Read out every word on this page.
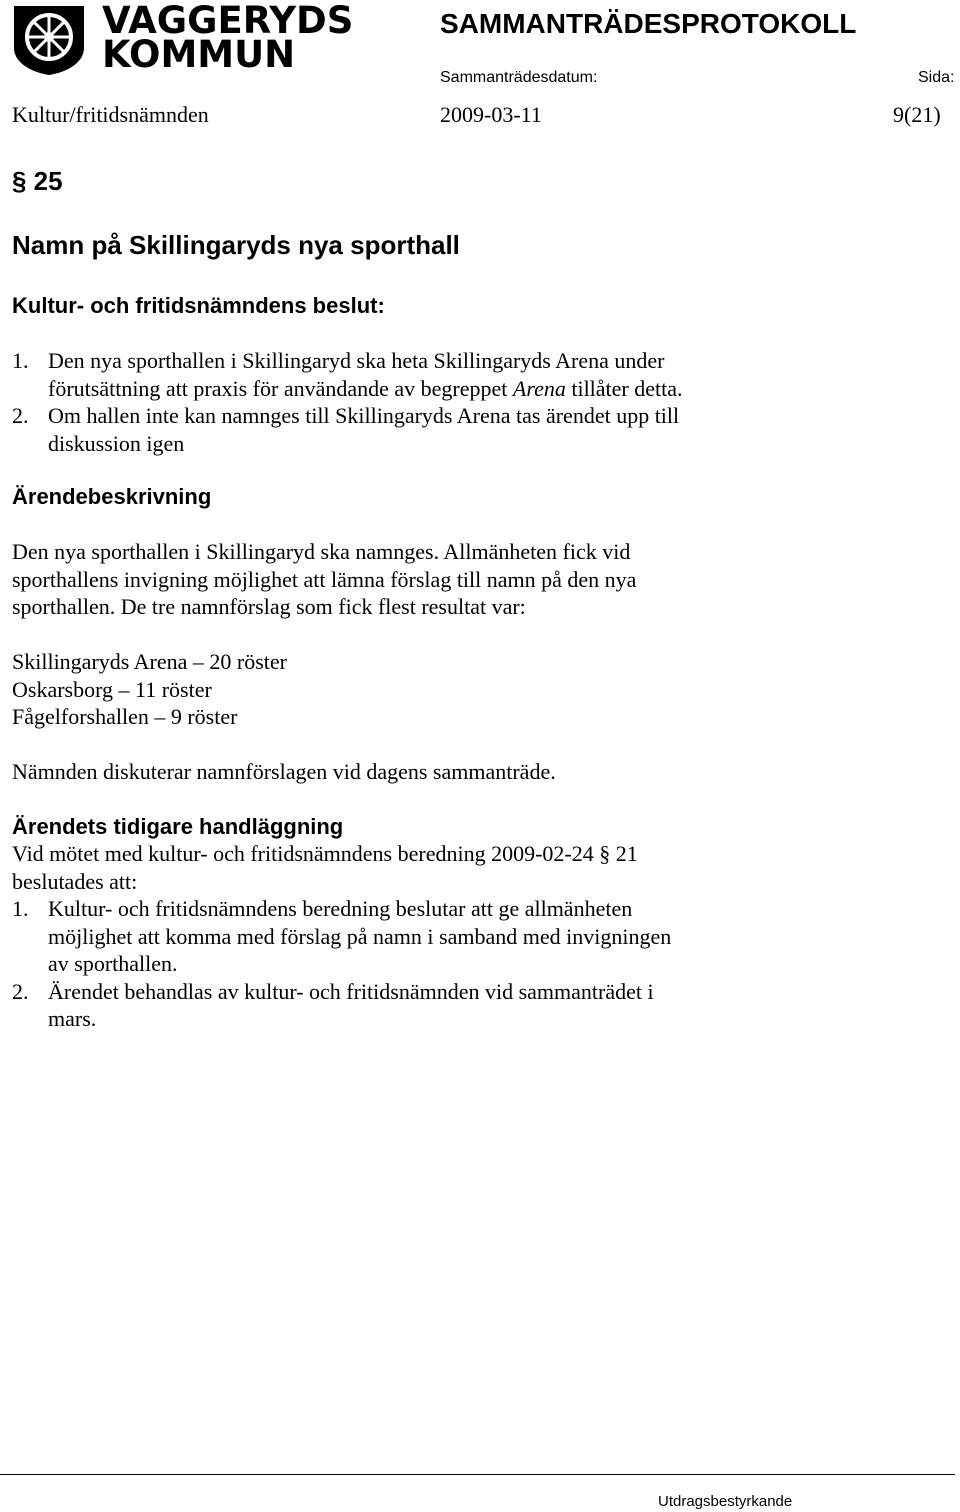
VAGGERYDS
KOMMUN
SAMMANTRÄDESPROTOKOLL
Sammanträdesdatum:	Sida:
Kultur/fritidsnämnden	2009-03-11	9(21)
§ 25
Namn på Skillingaryds nya sporthall
Kultur- och fritidsnämndens beslut:
1. Den nya sporthallen i Skillingaryd ska heta Skillingaryds Arena under
förutsättning att praxis för användande av begreppet Arena tillåter detta.
2. Om hallen inte kan namnges till Skillingaryds Arena tas ärendet upp till
diskussion igen
Ärendebeskrivning
Den nya sporthallen i Skillingaryd ska namnges. Allmänheten fick vid
sporthallens invigning möjlighet att lämna förslag till namn på den nya
sporthallen. De tre namnförslag som fick flest resultat var:
Skillingaryds Arena – 20 röster
Oskarsborg – 11 röster
Fågelforshallen – 9 röster
Nämnden diskuterar namnförslagen vid dagens sammanträde.
Ärendets tidigare handläggning
Vid mötet med kultur- och fritidsnämndens beredning 2009-02-24 § 21
beslutades att:
1. Kultur- och fritidsnämndens beredning beslutar att ge allmänheten
möjlighet att komma med förslag på namn i samband med invigningen
av sporthallen.
2. Ärendet behandlas av kultur- och fritidsnämnden vid sammanträdet i
mars.
Utdragsbestyrkande
